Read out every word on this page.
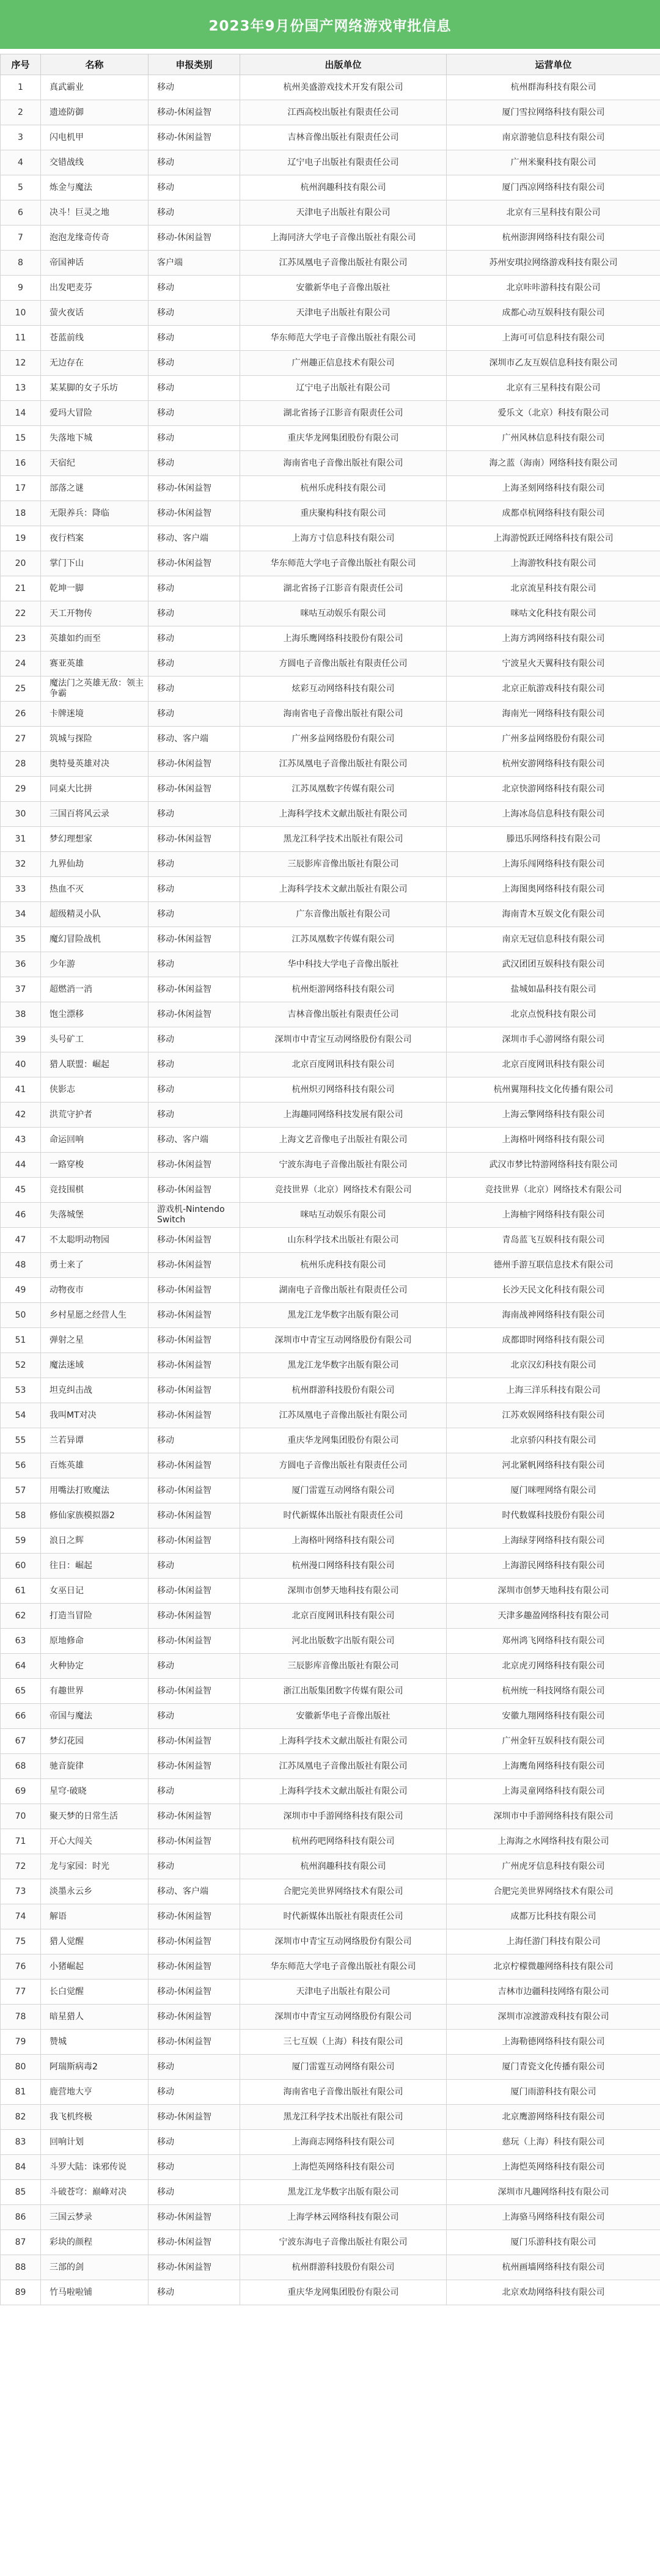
2023年9月份国产网络游戏审批信息
序号	名称	申报类别	出版单位	运营单位
1	真武霸业	移动	杭州美盛游戏技术开发有限公司	杭州群海科技有限公司
2	遗迹防御	移动-休闲益智	江西高校出版社有限责任公司	厦门雪拉网络科技有限公司
3	闪电机甲	移动-休闲益智	吉林音像出版社有限责任公司	南京游驰信息科技有限公司
4	交错战线	移动	辽宁电子出版社有限责任公司	广州米聚科技有限公司
5	炼金与魔法	移动	杭州润趣科技有限公司	厦门西凉网络科技有限公司
6	决斗！巨灵之地	移动	天津电子出版社有限公司	北京有三星科技有限公司
7	泡泡龙缘奇传奇	移动-休闲益智	上海同济大学电子音像出版社有限公司	杭州澎湃网络科技有限公司
8	帝国神话	客户端	江苏凤凰电子音像出版社有限公司	苏州安琪拉网络游戏科技有限公司
9	出发吧麦芬	移动	安徽新华电子音像出版社	北京咔咔游科技有限公司
10	萤火夜话	移动	天津电子出版社有限公司	成都心动互娱科技有限公司
11	苍蓝前线	移动	华东师范大学电子音像出版社有限公司	上海可可信息科技有限公司
12	无边存在	移动	广州趣正信息技术有限公司	深圳市乙友互娱信息科技有限公司
13	某某脚的女子乐坊	移动	辽宁电子出版社有限公司	北京有三星科技有限公司
14	爱玛大冒险	移动	湖北省扬子江影音有限责任公司	爱乐文（北京）科技有限公司
15	失落地下城	移动	重庆华龙网集团股份有限公司	广州风林信息科技有限公司
16	天宿纪	移动	海南省电子音像出版社有限公司	海之蓝（海南）网络科技有限公司
17	部落之谜	移动-休闲益智	杭州乐虎科技有限公司	上海圣刻网络科技有限公司
18	无限养兵：降临	移动-休闲益智	重庆聚构科技有限公司	成都卓杭网络科技有限公司
19	夜行档案	移动、客户端	上海方寸信息科技有限公司	上海游悦跃迁网络科技有限公司
20	掌门下山	移动-休闲益智	华东师范大学电子音像出版社有限公司	上海游牧科技有限公司
21	乾坤一脚	移动	湖北省扬子江影音有限责任公司	北京流星科技有限公司
22	天工开物传	移动	咪咕互动娱乐有限公司	咪咕文化科技有限公司
23	英雄如约而至	移动	上海乐鹰网络科技股份有限公司	上海方鸿网络科技有限公司
24	赛亚英雄	移动	方圆电子音像出版社有限责任公司	宁波星火天翼科技有限公司
25	魔法门之英雄无敌：领主争霸	移动	炫彩互动网络科技有限公司	北京正航游戏科技有限公司
26	卡牌迷境	移动	海南省电子音像出版社有限公司	海南光一网络科技有限公司
27	筑城与探险	移动、客户端	广州多益网络股份有限公司	广州多益网络股份有限公司
28	奥特曼英雄对决	移动-休闲益智	江苏凤凰电子音像出版社有限公司	杭州安游网络科技有限公司
29	同桌大比拼	移动-休闲益智	江苏凤凰数字传媒有限公司	北京快游网络科技有限公司
30	三国百将风云录	移动	上海科学技术文献出版社有限公司	上海冰岛信息科技有限公司
31	梦幻理想家	移动-休闲益智	黑龙江科学技术出版社有限公司	滕迅乐网络科技有限公司
32	九界仙劫	移动	三辰影库音像出版社有限公司	上海乐闯网络科技有限公司
33	热血不灭	移动	上海科学技术文献出版社有限公司	上海图奥网络科技有限公司
34	超级精灵小队	移动	广东音像出版社有限公司	海南青木互娱文化有限公司
35	魔幻冒险战机	移动-休闲益智	江苏凤凰数字传媒有限公司	南京无冠信息科技有限公司
36	少年游	移动	华中科技大学电子音像出版社	武汉团团互娱科技有限公司
37	超燃消一消	移动-休闲益智	杭州炬游网络科技有限公司	盐城如晶科技有限公司
38	饱尘漂移	移动-休闲益智	吉林音像出版社有限责任公司	北京点悦科技有限公司
39	头号矿工	移动	深圳市中青宝互动网络股份有限公司	深圳市手心游网络有限公司
40	猎人联盟：崛起	移动	北京百度网讯科技有限公司	北京百度网讯科技有限公司
41	侠影志	移动	杭州炽刃网络科技有限公司	杭州翼翔科技文化传播有限公司
42	洪荒守护者	移动	上海趣同网络科技发展有限公司	上海云擎网络科技有限公司
43	命运回响	移动、客户端	上海文艺音像电子出版社有限公司	上海格叶网络科技有限公司
44	一路穿梭	移动-休闲益智	宁波东海电子音像出版社有限公司	武汉市梦比特游网络科技有限公司
45	竞技围棋	移动-休闲益智	竞技世界（北京）网络技术有限公司	竞技世界（北京）网络技术有限公司
46	失落城堡	游戏机-Nintendo Switch	咪咕互动娱乐有限公司	上海柚宇网络科技有限公司
47	不太聪明动物园	移动-休闲益智	山东科学技术出版社有限公司	青岛蓝飞互娱科技有限公司
48	勇士来了	移动-休闲益智	杭州乐虎科技有限公司	德州手游互联信息技术有限公司
49	动物夜市	移动-休闲益智	湖南电子音像出版社有限责任公司	长沙天民文化科技有限公司
50	乡村星愿之经营人生	移动-休闲益智	黑龙江龙华数字出版有限公司	海南战神网络科技有限公司
51	弹射之星	移动-休闲益智	深圳市中青宝互动网络股份有限公司	成都即时网络科技有限公司
52	魔法迷域	移动-休闲益智	黑龙江龙华数字出版有限公司	北京汉幻科技有限公司
53	坦克纠击战	移动-休闲益智	杭州群游科技股份有限公司	上海三洋乐科技有限公司
54	我叫MT对决	移动-休闲益智	江苏凤凰电子音像出版社有限公司	江苏欢娱网络科技有限公司
55	兰若异谭	移动	重庆华龙网集团股份有限公司	北京骄闪科技有限公司
56	百炼英雄	移动-休闲益智	方圆电子音像出版社有限责任公司	河北紧帆网络科技有限公司
57	用嘴法打败魔法	移动-休闲益智	厦门雷霆互动网络有限公司	厦门咪哩网络有限公司
58	修仙家族模拟器2	移动-休闲益智	时代新媒体出版社有限责任公司	时代数媒科技股份有限公司
59	浪日之辉	移动-休闲益智	上海格叶网络科技有限公司	上海绿芽网络科技有限公司
60	往日：崛起	移动	杭州漫口网络科技有限公司	上海游民网络科技有限公司
61	女巫日记	移动-休闲益智	深圳市创梦天地科技有限公司	深圳市创梦天地科技有限公司
62	打造当冒险	移动-休闲益智	北京百度网讯科技有限公司	天津多趣盈网络科技有限公司
63	原地修命	移动-休闲益智	河北出版数字出版有限公司	郑州鸿飞网络科技有限公司
64	火种协定	移动	三辰影库音像出版社有限公司	北京虎刃网络科技有限公司
65	有趣世界	移动-休闲益智	浙江出版集团数字传媒有限公司	杭州统一科技网络有限公司
66	帝国与魔法	移动	安徽新华电子音像出版社	安徽九翔网络科技有限公司
67	梦幻花园	移动-休闲益智	上海科学技术文献出版社有限公司	广州金轩互娱科技有限公司
68	驰音旋律	移动-休闲益智	江苏凤凰电子音像出版社有限公司	上海鹰角网络科技有限公司
69	星穹·破晓	移动	上海科学技术文献出版社有限公司	上海灵童网络科技有限公司
70	聚天梦的日常生活	移动-休闲益智	深圳市中手游网络科技有限公司	深圳市中手游网络科技有限公司
71	开心大闯关	移动-休闲益智	杭州药吧网络科技有限公司	上海海之水网络科技有限公司
72	龙与家园：时光	移动	杭州润趣科技有限公司	广州虎牙信息科技有限公司
73	淡墨永云乡	移动、客户端	合肥完美世界网络技术有限公司	合肥完美世界网络技术有限公司
74	解语	移动-休闲益智	时代新媒体出版社有限责任公司	成都万比科技有限公司
75	猎人觉醒	移动-休闲益智	深圳市中青宝互动网络股份有限公司	上海任游门科技有限公司
76	小猪崛起	移动-休闲益智	华东师范大学电子音像出版社有限公司	北京柠檬微趣网络科技有限公司
77	长白觉醒	移动-休闲益智	天津电子出版社有限公司	吉林市边疆科技网络有限公司
78	暗星猎人	移动-休闲益智	深圳市中青宝互动网络股份有限公司	深圳市凉渡游戏科技有限公司
79	赞城	移动-休闲益智	三七互娱（上海）科技有限公司	上海勒德网络科技有限公司
80	阿瑞斯病毒2	移动	厦门雷霆互动网络有限公司	厦门青瓷文化传播有限公司
81	鹿营地大亨	移动	海南省电子音像出版社有限公司	厦门雨游科技有限公司
82	我飞机终极	移动-休闲益智	黑龙江科学技术出版社有限公司	北京鹰游网络科技有限公司
83	回响计划	移动	上海商志网络科技有限公司	慈玩（上海）科技有限公司
84	斗罗大陆：诛邪传说	移动	上海恺英网络科技有限公司	上海恺英网络科技有限公司
85	斗破苍穹：巅峰对决	移动	黑龙江龙华数字出版有限公司	深圳市凡趣网络科技有限公司
86	三国云梦录	移动-休闲益智	上海学林云网络科技有限公司	上海骆马网络科技有限公司
87	彩块的颜程	移动-休闲益智	宁波东海电子音像出版社有限公司	厦门乐游科技有限公司
88	三部的剑	移动-休闲益智	杭州群游科技股份有限公司	杭州画墙网络科技有限公司
89	竹马啦啦铺	移动	重庆华龙网集团股份有限公司	北京欢劫网络科技有限公司
